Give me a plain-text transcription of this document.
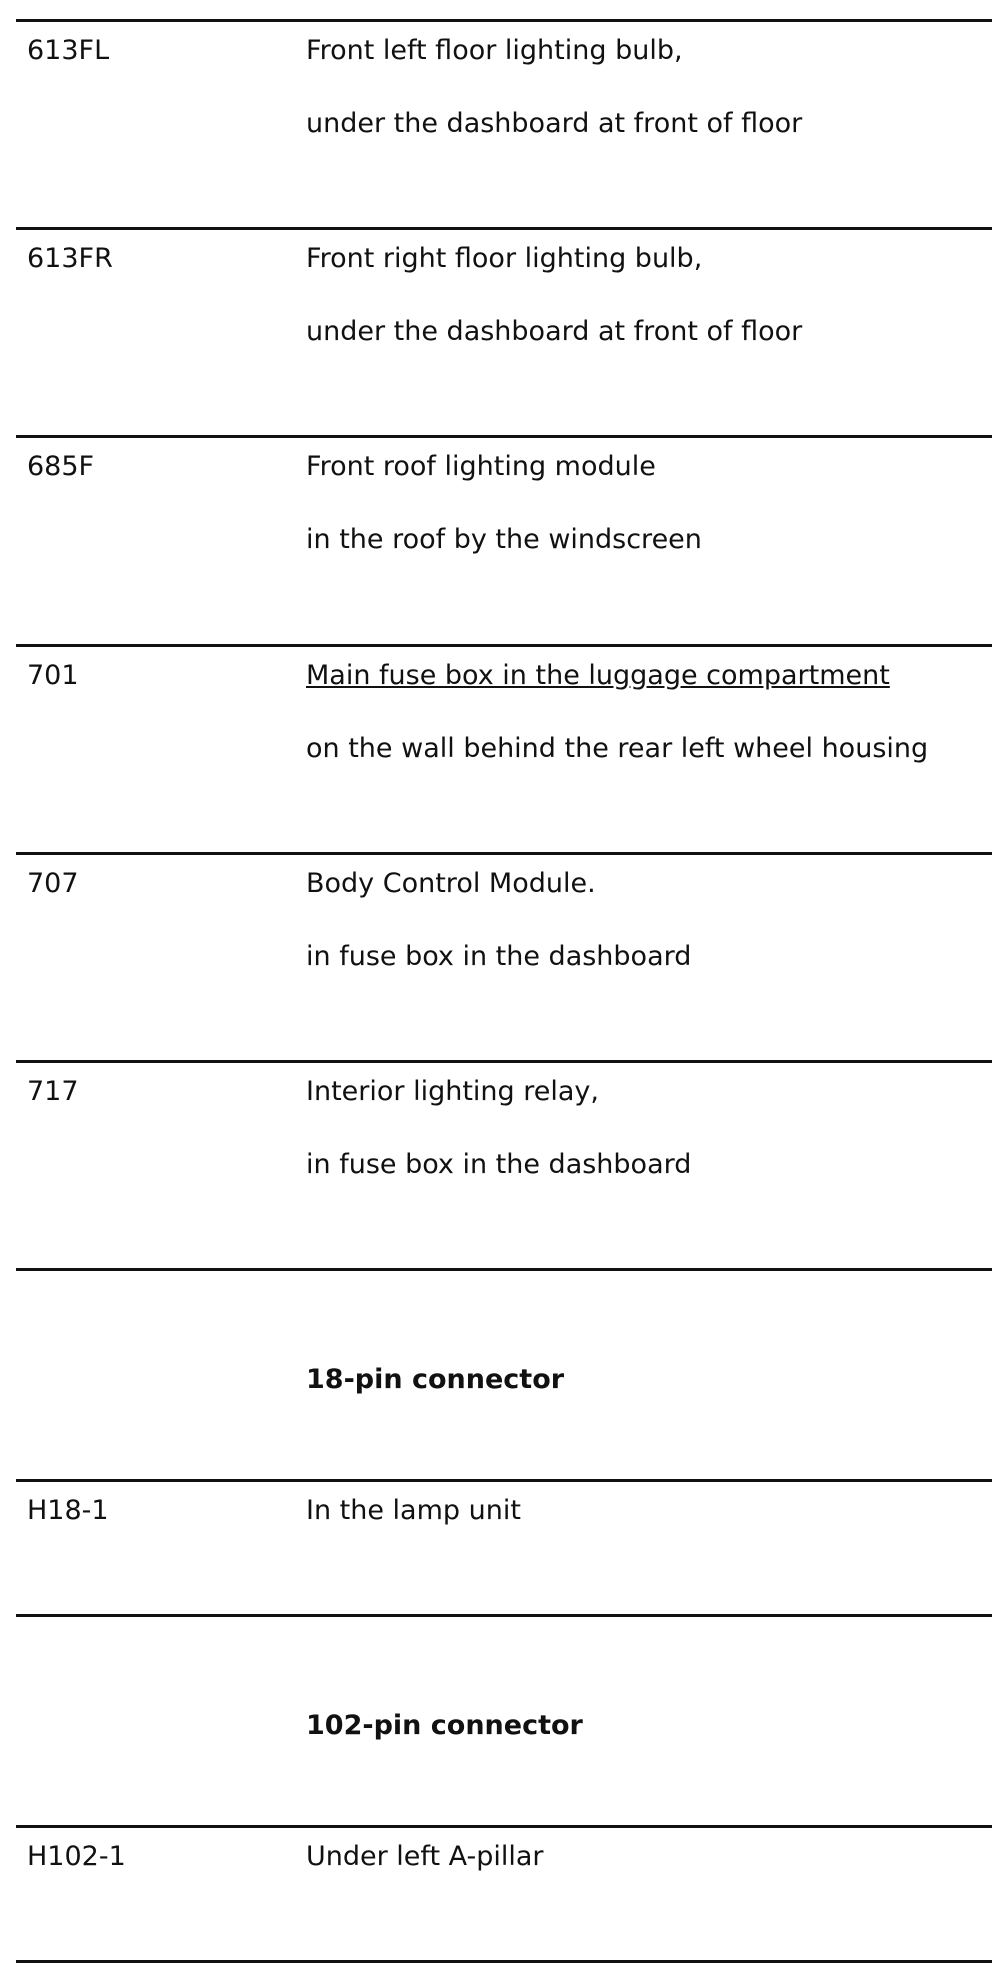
613FL	Front left floor lighting bulb,
under the dashboard at front of floor
613FR	Front right floor lighting bulb,
under the dashboard at front of floor
685F	Front roof lighting module
in the roof by the windscreen
701	Main fuse box in the luggage compartment
on the wall behind the rear left wheel housing
707	Body Control Module.
in fuse box in the dashboard
717	Interior lighting relay,
in fuse box in the dashboard
18-pin connector
H18-1	In the lamp unit
102-pin connector
H102-1	Under left A-pillar
